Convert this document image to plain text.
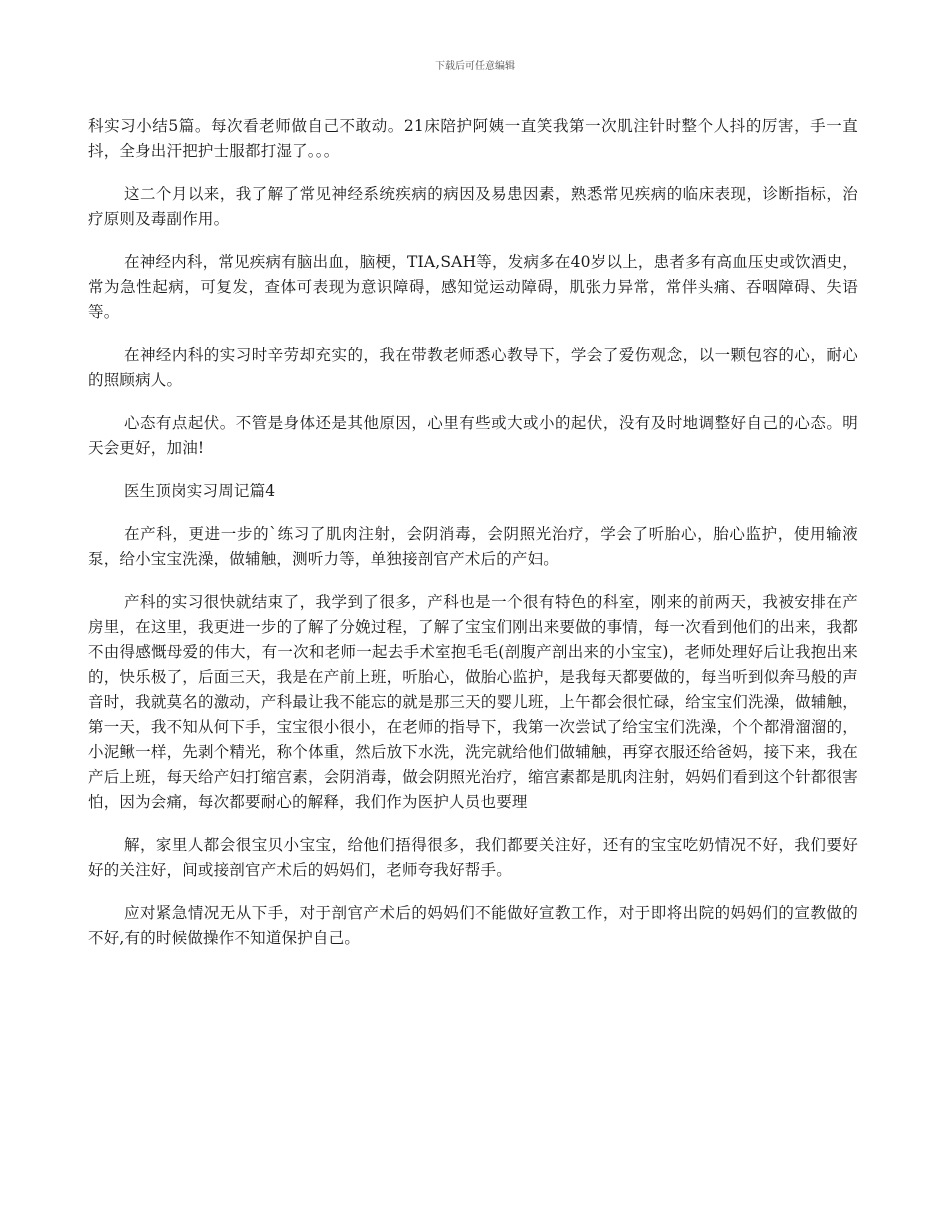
下载后可任意编辑

科实习小结5篇。每次看老师做自己不敢动。21床陪护阿姨一直笑我第一次肌注针时整个人抖的厉害，手一直抖，全身出汗把护士服都打湿了。。。

这二个月以来，我了解了常见神经系统疾病的病因及易患因素，熟悉常见疾病的临床表现，诊断指标，治疗原则及毒副作用。

在神经内科，常见疾病有脑出血，脑梗，TIA,SAH等，发病多在40岁以上，患者多有高血压史或饮酒史，常为急性起病，可复发，查体可表现为意识障碍，感知觉运动障碍，肌张力异常，常伴头痛、吞咽障碍、失语等。

在神经内科的实习时辛劳却充实的，我在带教老师悉心教导下，学会了爱伤观念，以一颗包容的心，耐心的照顾病人。

心态有点起伏。不管是身体还是其他原因，心里有些或大或小的起伏，没有及时地调整好自己的心态。明天会更好，加油!

医生顶岗实习周记篇4

在产科，更进一步的`练习了肌肉注射，会阴消毒，会阴照光治疗，学会了听胎心，胎心监护，使用输液泵，给小宝宝洗澡，做辅触，测听力等，单独接剖官产术后的产妇。

产科的实习很快就结束了，我学到了很多，产科也是一个很有特色的科室，刚来的前两天，我被安排在产房里，在这里，我更进一步的了解了分娩过程，了解了宝宝们刚出来要做的事情，每一次看到他们的出来，我都不由得感慨母爱的伟大，有一次和老师一起去手术室抱毛毛(剖腹产剖出来的小宝宝)，老师处理好后让我抱出来的，快乐极了，后面三天，我是在产前上班，听胎心，做胎心监护，是我每天都要做的，每当听到似奔马般的声音时，我就莫名的激动，产科最让我不能忘的就是那三天的婴儿班，上午都会很忙碌，给宝宝们洗澡，做辅触，第一天，我不知从何下手，宝宝很小很小，在老师的指导下，我第一次尝试了给宝宝们洗澡，个个都滑溜溜的，小泥鳅一样，先剥个精光，称个体重，然后放下水洗，洗完就给他们做辅触，再穿衣服还给爸妈，接下来，我在产后上班，每天给产妇打缩宫素，会阴消毒，做会阴照光治疗，缩宫素都是肌肉注射，妈妈们看到这个针都很害怕，因为会痛，每次都要耐心的解释，我们作为医护人员也要理

解，家里人都会很宝贝小宝宝，给他们捂得很多，我们都要关注好，还有的宝宝吃奶情况不好，我们要好好的关注好，间或接剖官产术后的妈妈们，老师夸我好帮手。

应对紧急情况无从下手，对于剖官产术后的妈妈们不能做好宣教工作，对于即将出院的妈妈们的宣教做的不好,有的时候做操作不知道保护自己。
